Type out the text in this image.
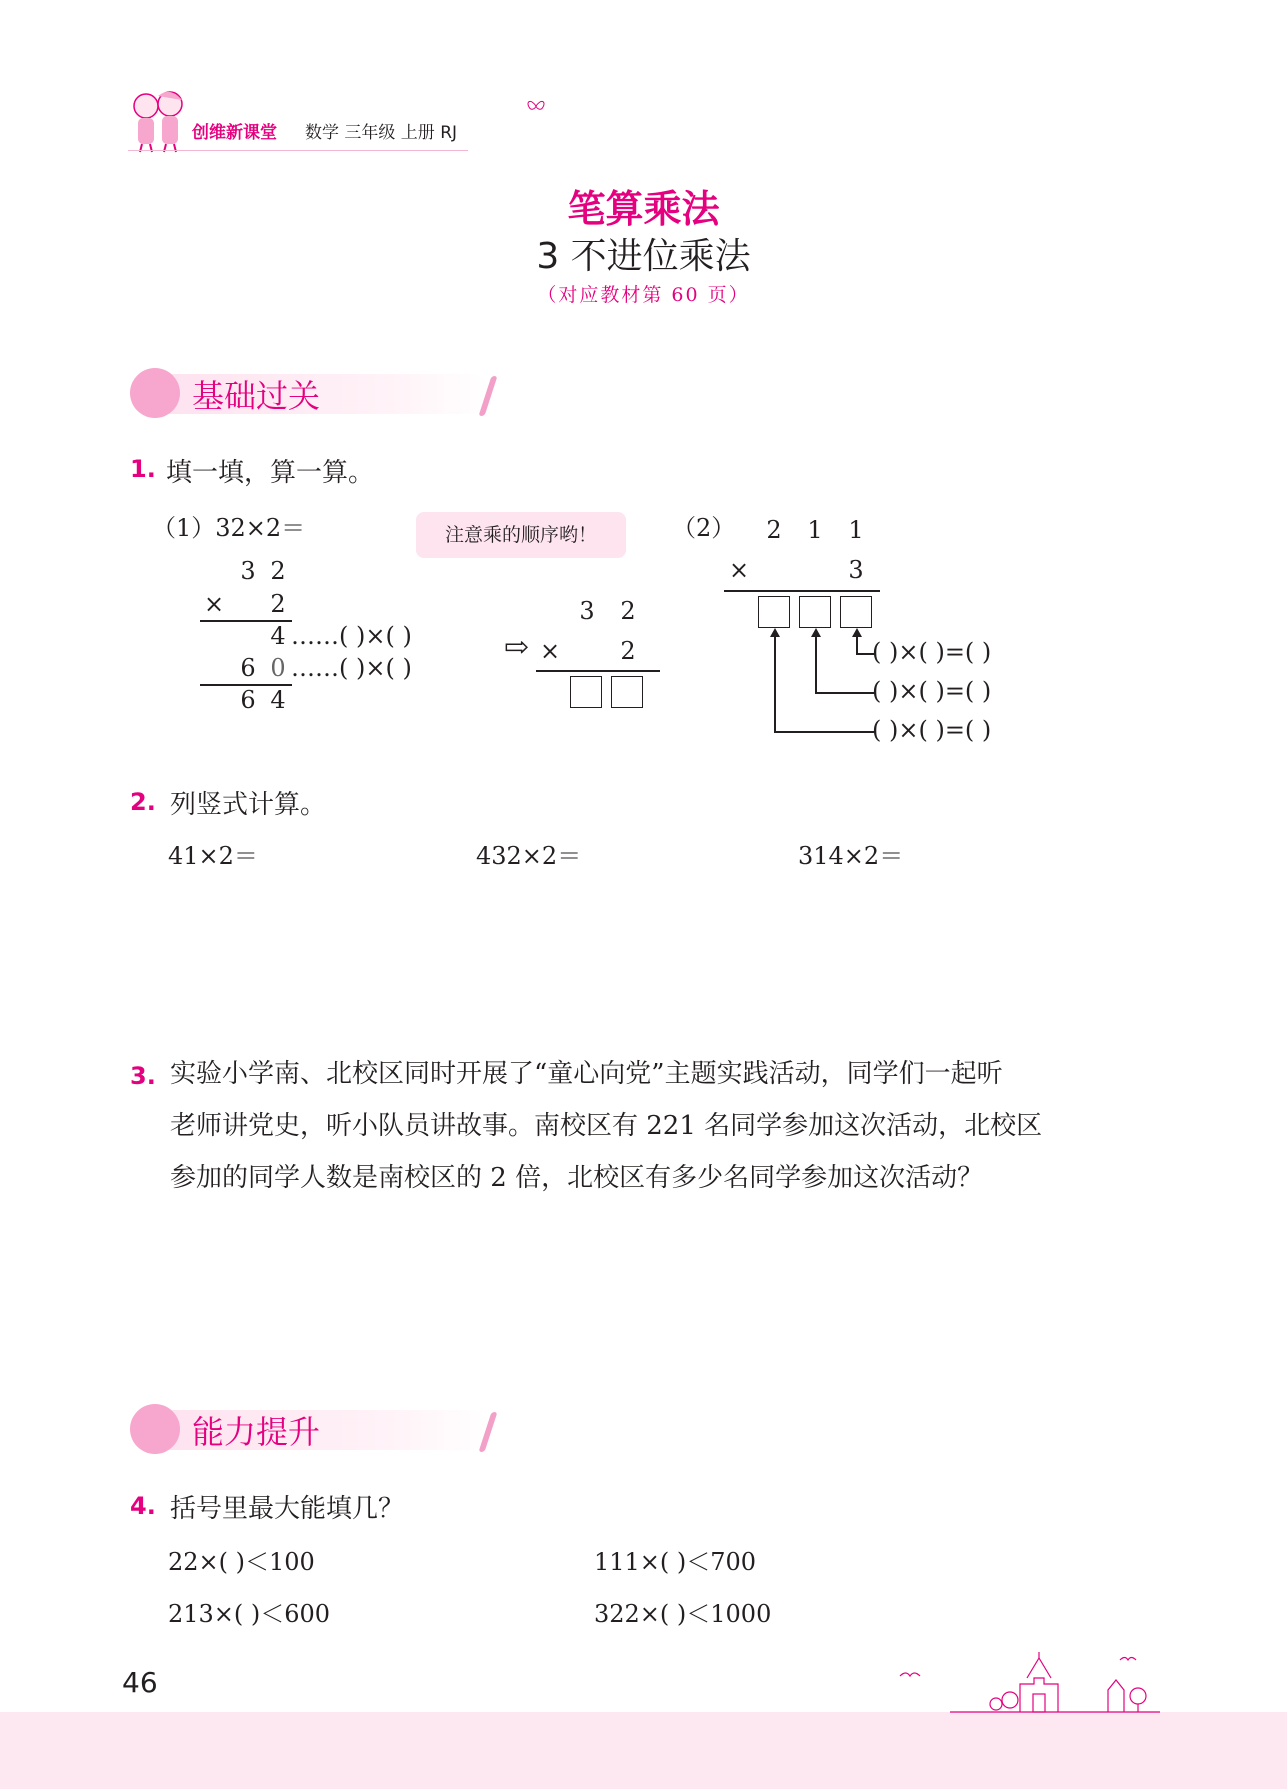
创维新课堂 数学 三年级 上册 RJ
笔算乘法
3 不进位乘法
（对应教材第 60 页）
基础过关
1. 填一填，算一算。
（1）32×2＝
3 2
× 2
4 ……( )×( )
6 0 ……( )×( )
6 4
⇨
3 2
×	2
注意乘的顺序哟！	（2） 2 1 1
×	3
( )×( )=( )
( )×( )=( )
( )×( )=( )
2. 列竖式计算。
41×2＝	432×2＝	314×2＝
3. 实验小学南、北校区同时开展了“童心向党”主题实践活动，同学们一起听
老师讲党史，听小队员讲故事。南校区有 221 名同学参加这次活动，北校区
参加的同学人数是南校区的 2 倍，北校区有多少名同学参加这次活动？
能力提升
4. 括号里最大能填几？
22×( )＜100	111×( )＜700
213×( )＜600	322×( )＜1000
46
